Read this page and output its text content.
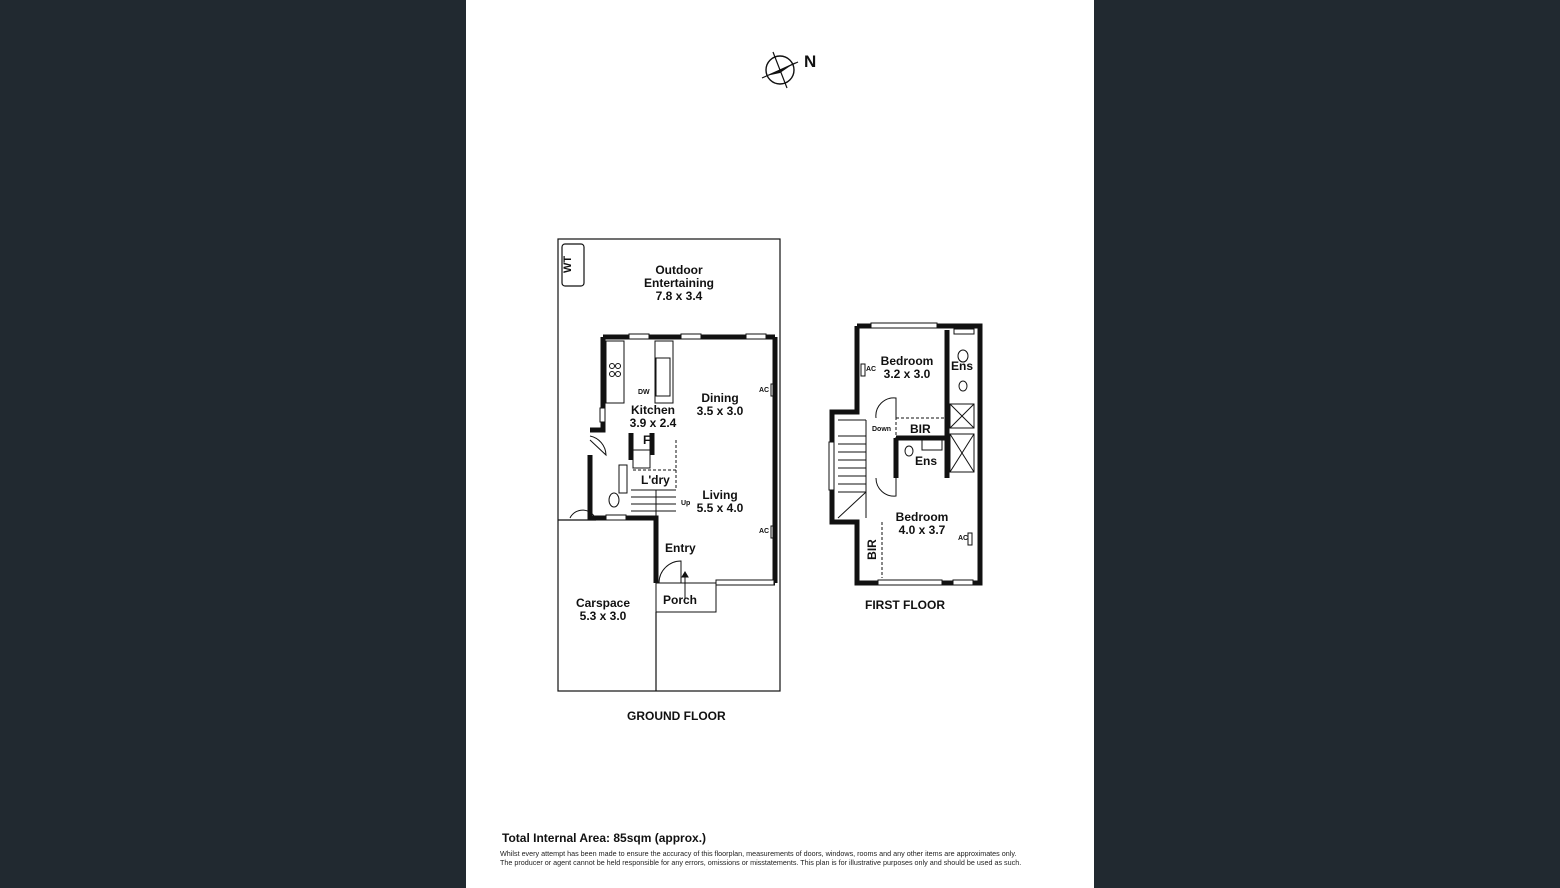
N
WT	Outdoor
Entertaining
7.8 x 3.4
Kitchen
3.9 x 2.4
Dining
3.5 x 3.0
Living
5.5 x 4.0
Carspace
5.3 x 3.0
DW
F
L'dry
Up
Entry
Porch
AC
AC
GROUND FLOOR
Bedroom
3.2 x 3.0
Bedroom
4.0 x 3.7
Ens
Ens
BIR
BIR
Down
AC
AC
FIRST FLOOR
Total Internal Area: 85sqm (approx.)
Whilst every attempt has been made to ensure the accuracy of this floorplan, measurements of doors, windows, rooms and any other items are approximates only.
The producer or agent cannot be held responsible for any errors, omissions or misstatements. This plan is for illustrative purposes only and should be used as such.
